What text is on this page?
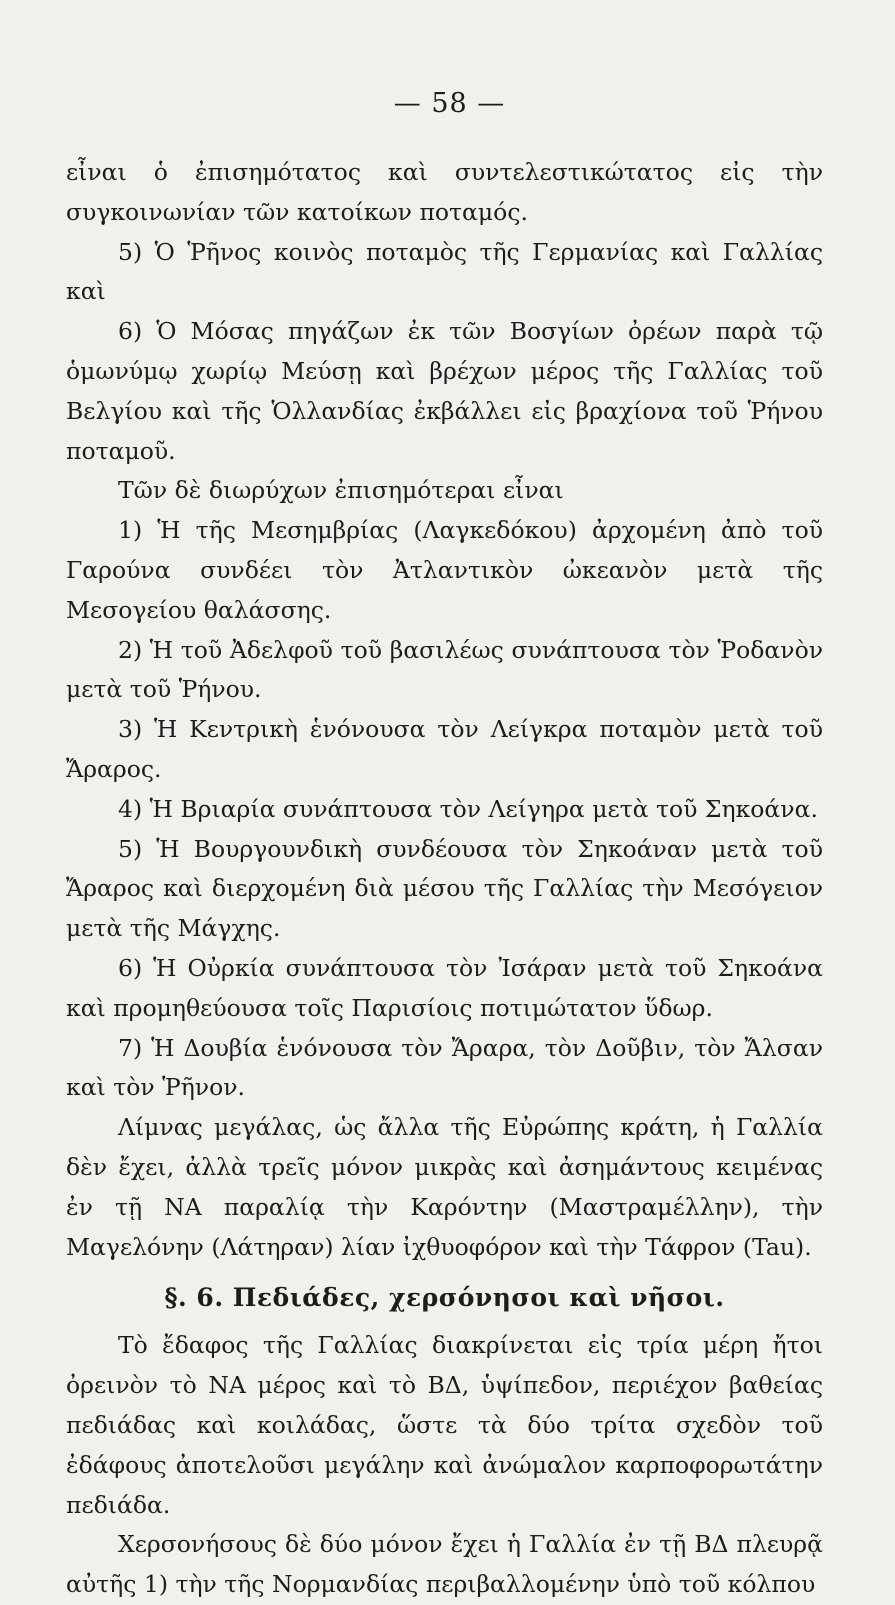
— 58 —

εἶναι ὁ ἐπισημότατος καὶ συντελεστικώτατος εἰς τὴν συγκοινωνίαν τῶν κατοίκων ποταμός.

5) Ὁ Ῥῆνος κοινὸς ποταμὸς τῆς Γερμανίας καὶ Γαλλίας καὶ

6) Ὁ Μόσας πηγάζων ἐκ τῶν Βοσγίων ὀρέων παρὰ τῷ ὁμωνύμῳ χωρίῳ Μεύσῃ καὶ βρέχων μέρος τῆς Γαλλίας τοῦ Βελγίου καὶ τῆς Ὁλλανδίας ἐκβάλλει εἰς βραχίονα τοῦ Ῥήνου ποταμοῦ.

Τῶν δὲ διωρύχων ἐπισημότεραι εἶναι

1) Ἡ τῆς Μεσημβρίας (Λαγκεδόκου) ἀρχομένη ἀπὸ τοῦ Γαρούνα συνδέει τὸν Ἀτλαντικὸν ὠκεανὸν μετὰ τῆς Μεσογείου θαλάσσης.

2) Ἡ τοῦ Ἀδελφοῦ τοῦ βασιλέως συνάπτουσα τὸν Ῥοδανὸν μετὰ τοῦ Ῥήνου.

3) Ἡ Κεντρικὴ ἑνόνουσα τὸν Λείγκρα ποταμὸν μετὰ τοῦ Ἄραρος.

4) Ἡ Βριαρία συνάπτουσα τὸν Λείγηρα μετὰ τοῦ Σηκοάνα.

5) Ἡ Βουργουνδικὴ συνδέουσα τὸν Σηκοάναν μετὰ τοῦ Ἄραρος καὶ διερχομένη διὰ μέσου τῆς Γαλλίας τὴν Μεσόγειον μετὰ τῆς Μάγχης.

6) Ἡ Οὐρκία συνάπτουσα τὸν Ἰσάραν μετὰ τοῦ Σηκοάνα καὶ προμηθεύουσα τοῖς Παρισίοις ποτιμώτατον ὕδωρ.

7) Ἡ Δουβία ἑνόνουσα τὸν Ἄραρα, τὸν Δοῦβιν, τὸν Ἄλσαν καὶ τὸν Ῥῆνον.

Λίμνας μεγάλας, ὡς ἄλλα τῆς Εὐρώπης κράτη, ἡ Γαλλία δὲν ἔχει, ἀλλὰ τρεῖς μόνον μικρὰς καὶ ἀσημάντους κειμένας ἐν τῇ ΝΑ παραλίᾳ τὴν Καρόντην (Μαστραμέλλην), τὴν Μαγελόνην (Λάτηραν) λίαν ἰχθυοφόρον καὶ τὴν Τάφρον (Tau).

§. 6. Πεδιάδες, χερσόνησοι καὶ νῆσοι.

Τὸ ἔδαφος τῆς Γαλλίας διακρίνεται εἰς τρία μέρη ἤτοι ὀρεινὸν τὸ ΝΑ μέρος καὶ τὸ ΒΔ, ὑψίπεδον, περιέχον βαθείας πεδιάδας καὶ κοιλάδας, ὥστε τὰ δύο τρίτα σχεδὸν τοῦ ἐδάφους ἀποτελοῦσι μεγάλην καὶ ἀνώμαλον καρποφορωτάτην πεδιάδα.

Χερσονήσους δὲ δύο μόνον ἔχει ἡ Γαλλία ἐν τῇ ΒΔ πλευρᾷ αὐτῆς 1) τὴν τῆς Νορμανδίας περιβαλλομένην ὑπὸ τοῦ κόλπου
